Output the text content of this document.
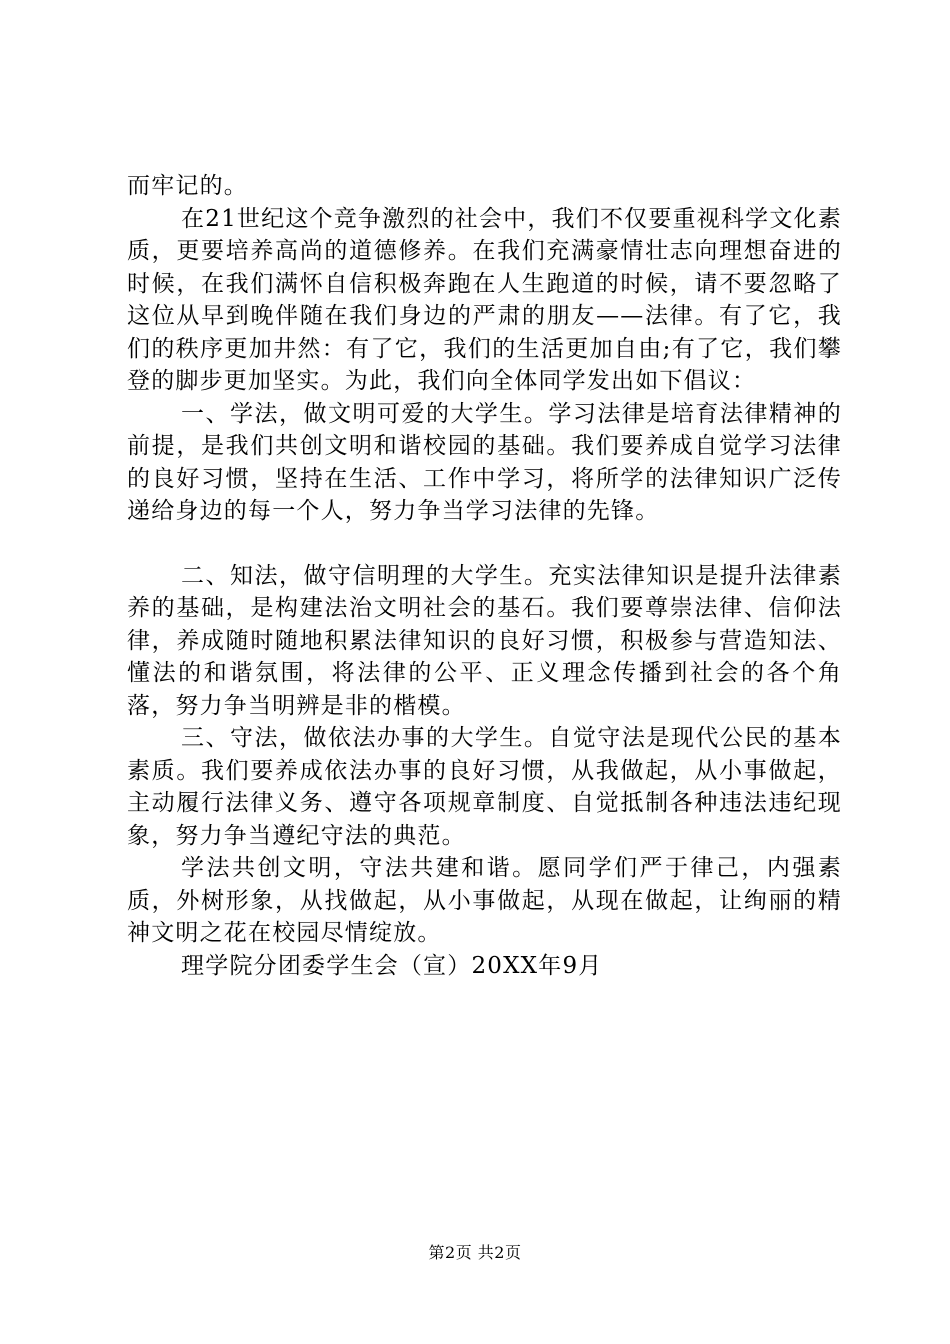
而牢记的。

在21世纪这个竞争激烈的社会中，我们不仅要重视科学文化素质，更要培养高尚的道德修养。在我们充满豪情壮志向理想奋进的时候，在我们满怀自信积极奔跑在人生跑道的时候，请不要忽略了这位从早到晚伴随在我们身边的严肃的朋友——法律。有了它，我们的秩序更加井然：有了它，我们的生活更加自由;有了它，我们攀登的脚步更加坚实。为此，我们向全体同学发出如下倡议：

一、学法，做文明可爱的大学生。学习法律是培育法律精神的前提，是我们共创文明和谐校园的基础。我们要养成自觉学习法律的良好习惯，坚持在生活、工作中学习，将所学的法律知识广泛传递给身边的每一个人，努力争当学习法律的先锋。

二、知法，做守信明理的大学生。充实法律知识是提升法律素养的基础，是构建法治文明社会的基石。我们要尊崇法律、信仰法律，养成随时随地积累法律知识的良好习惯，积极参与营造知法、懂法的和谐氛围，将法律的公平、正义理念传播到社会的各个角落，努力争当明辨是非的楷模。

三、守法，做依法办事的大学生。自觉守法是现代公民的基本素质。我们要养成依法办事的良好习惯，从我做起，从小事做起，主动履行法律义务、遵守各项规章制度、自觉抵制各种违法违纪现象，努力争当遵纪守法的典范。

学法共创文明，守法共建和谐。愿同学们严于律己，内强素质，外树形象，从找做起，从小事做起，从现在做起，让绚丽的精神文明之花在校园尽情绽放。

理学院分团委学生会（宣）20XX年9月

第2页 共2页
